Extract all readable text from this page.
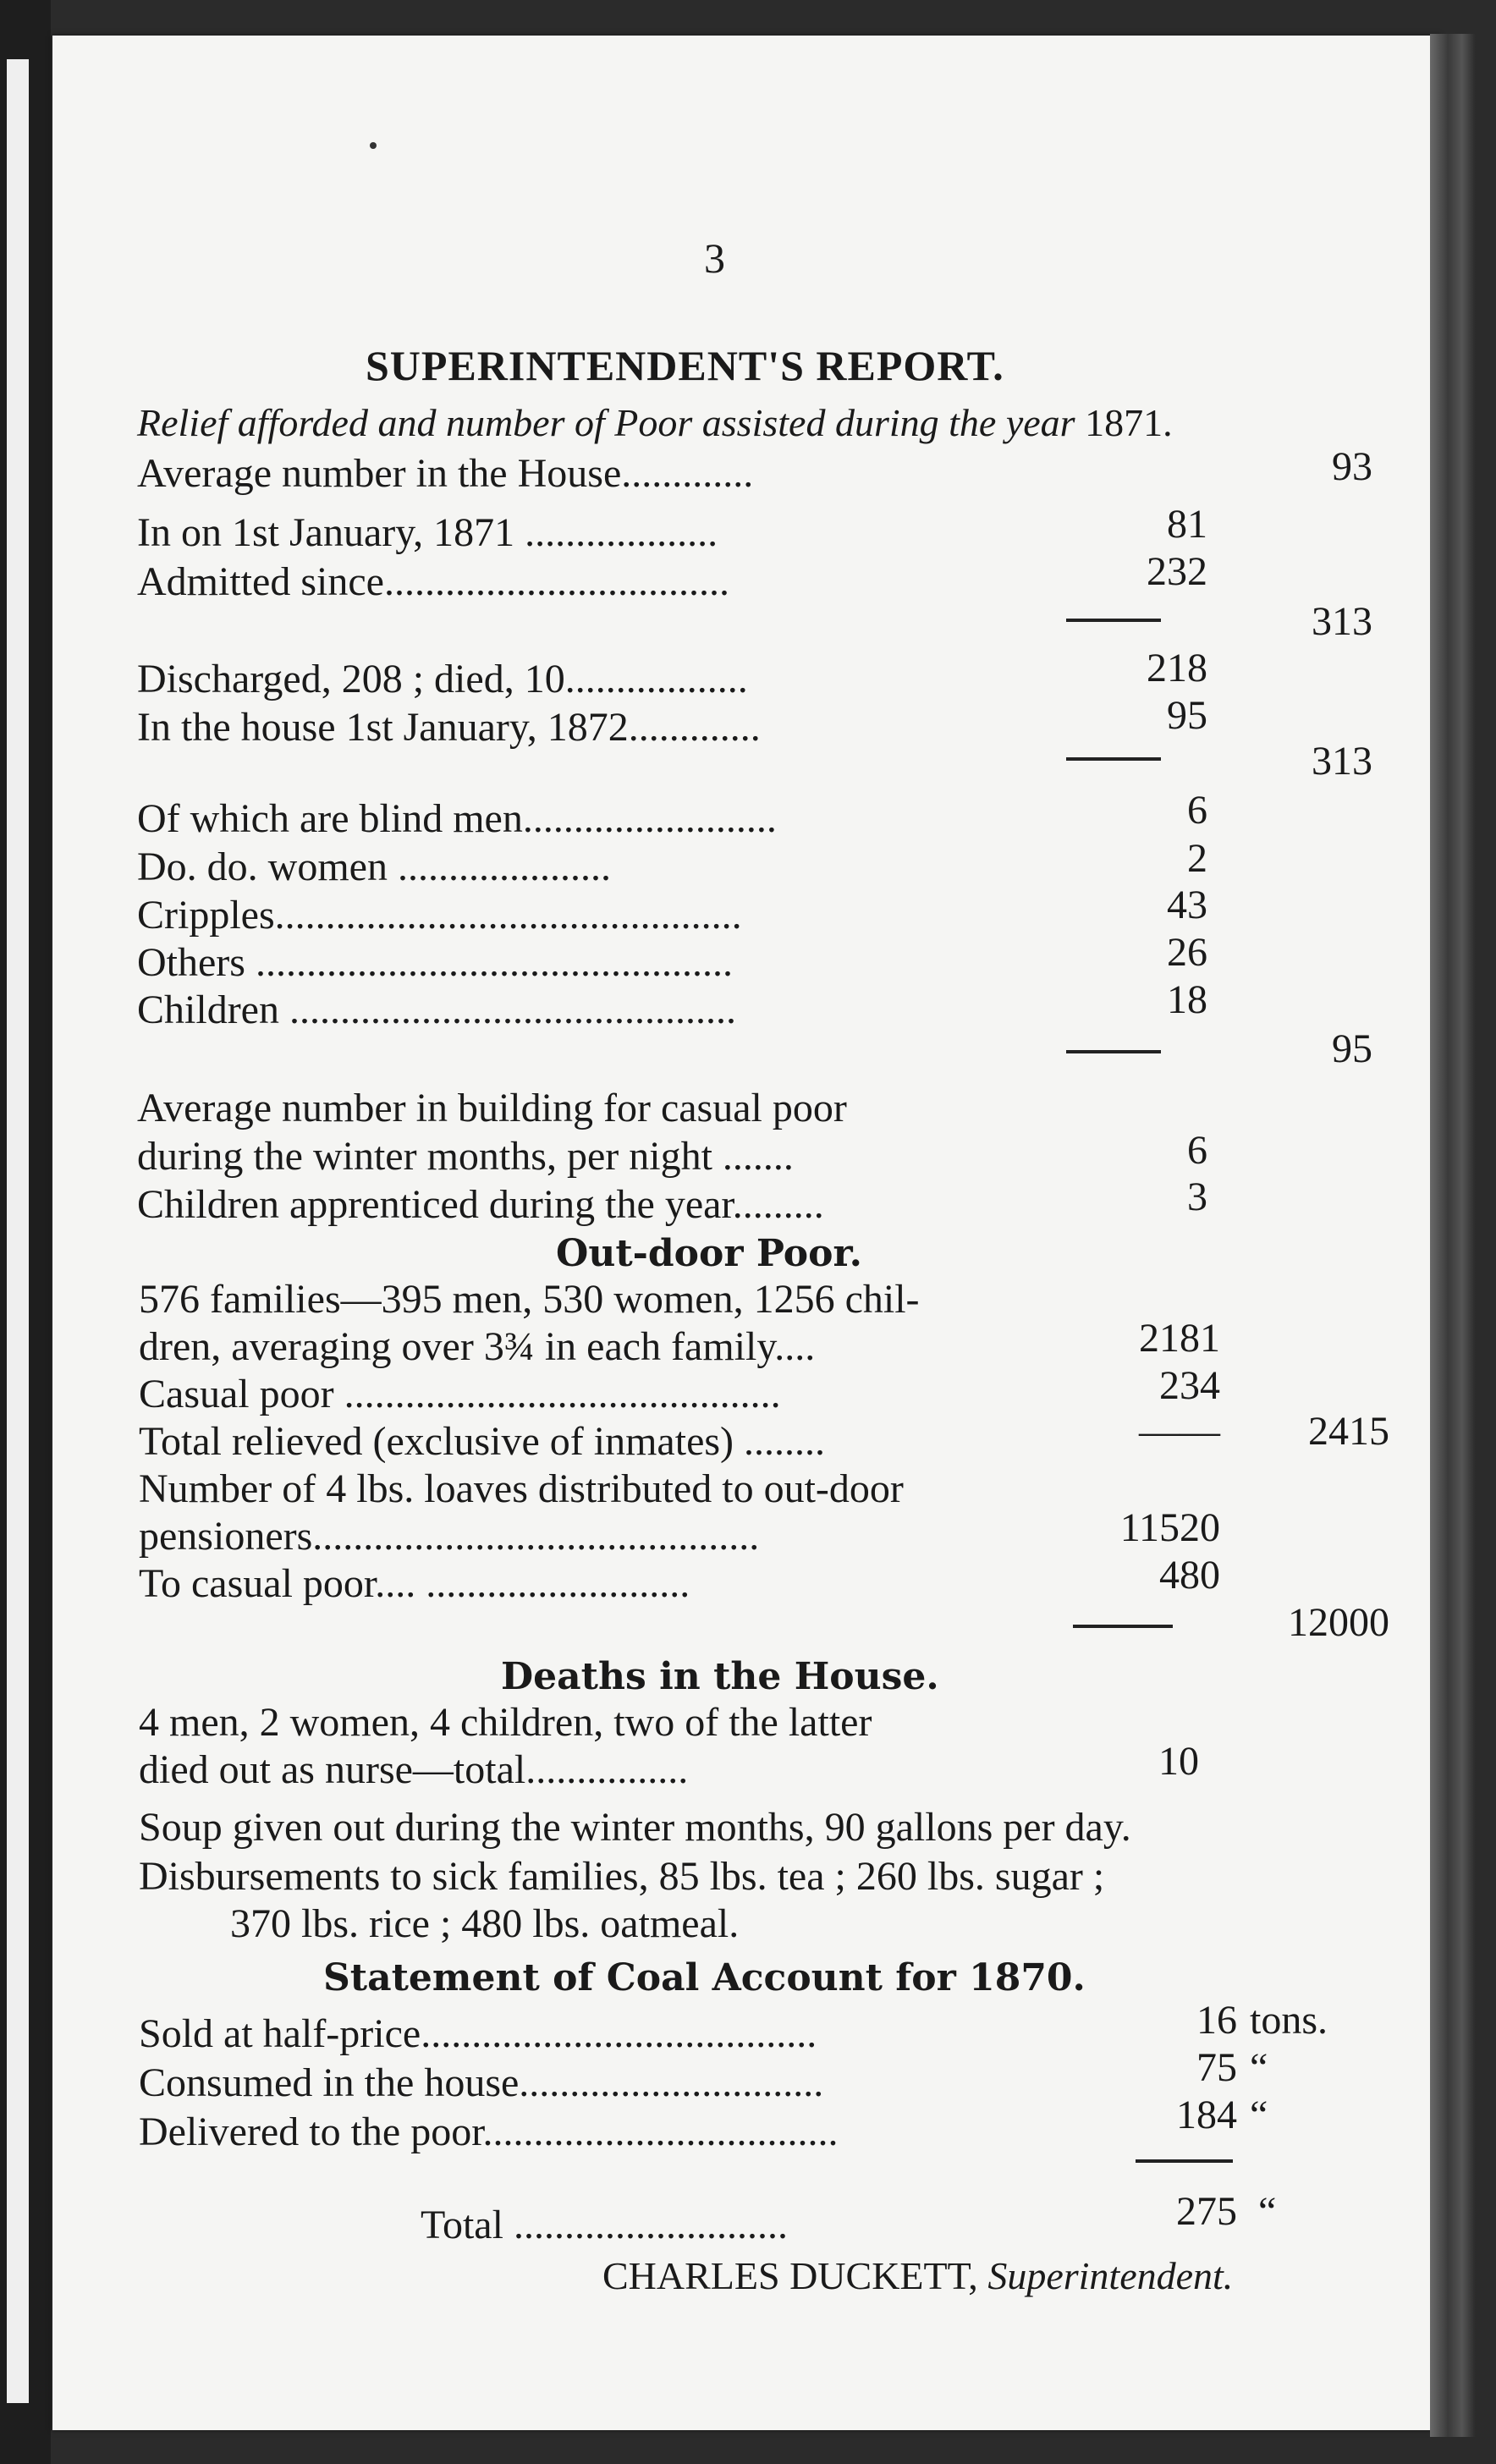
3
SUPERINTENDENT'S REPORT.
Relief afforded and number of Poor assisted during the year 1871.
Average number in the House.............	93
In on 1st January, 1871 ...................	81
Admitted since..................................	232
313
Discharged, 208 ; died, 10..................	218
In the house 1st January, 1872.............	95
313
Of which are blind men.........................	6
Do. do. women .....................	2
Cripples..............................................	43
Others ...............................................	26
Children ............................................	18
95
Average number in building for casual poor
during the winter months, per night .......	6
Children apprenticed during the year.........	3
Out-door Poor.
576 families—395 men, 530 women, 1256 chil-
dren, averaging over 3¾ in each family....	2181
Casual poor ...........................................	234
Total relieved (exclusive of inmates) ........	——	2415
Number of 4 lbs. loaves distributed to out-door
pensioners............................................	11520
To casual poor.... ..........................	480
12000
Deaths in the House.
4 men, 2 women, 4 children, two of the latter
died out as nurse—total................	10
Soup given out during the winter months, 90 gallons per day.
Disbursements to sick families, 85 lbs. tea ; 260 lbs. sugar ;
370 lbs. rice ; 480 lbs. oatmeal.
Statement of Coal Account for 1870.
Sold at half-price.......................................	16 tons.
Consumed in the house..............................	75 “
Delivered to the poor...................................	184 “
Total ...........................	275 “
CHARLES DUCKETT, Superintendent.
